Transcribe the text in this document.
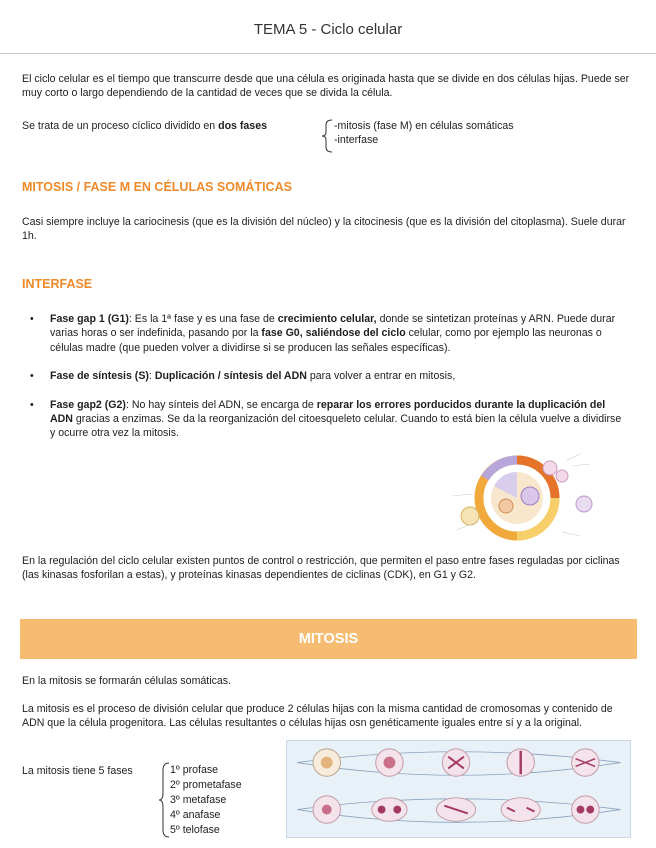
TEMA 5 - Ciclo celular

El ciclo celular es el tiempo que transcurre desde que una célula es originada hasta que se divide en dos células hijas. Puede ser muy corto o largo dependiendo de la cantidad de veces que se divida la célula.

Se trata de un proceso cíclico dividido en dos fases	-mitosis (fase M) en células somáticas
-interfase
MITOSIS / FASE M EN CÉLULAS SOMÁTICAS

Casi siempre incluye la cariocinesis (que es la división del núcleo) y la citocinesis (que es la división del citoplasma). Suele durar 1h.

INTERFASE
• Fase gap 1 (G1): Es la 1ª fase y es una fase de crecimiento celular, donde se sintetizan proteínas y ARN. Puede durar varias horas o ser indefinida, pasando por la fase G0, saliéndose del ciclo celular, como por ejemplo las neuronas o células madre (que pueden volver a dividirse si se producen las señales específicas).
• Fase de síntesis (S): Duplicación / síntesis del ADN para volver a entrar en mitosis,
• Fase gap2 (G2): No hay sínteis del ADN, se encarga de reparar los errores porducidos durante la duplicación del ADN gracias a enzimas. Se da la reorganización del citoesqueleto celular. Cuando to está bien la célula vuelve a dividirse y ocurre otra vez la mitosis.

En la regulación del ciclo celular existen puntos de control o restricción, que permiten el paso entre fases reguladas por ciclinas (las kinasas fosforilan a estas), y proteínas kinasas dependientes de ciclinas (CDK), en G1 y G2.

MITOSIS

En la mitosis se formarán células somáticas.

La mitosis es el proceso de división celular que produce 2 células hijas con la misma cantidad de cromosomas y contenido de ADN que la célula progenitora. Las células resultantes o células hijas osn genéticamente iguales entre sí y a la original.

La mitosis tiene 5 fases	1º profase
2º prometafase
3º metafase
4º anafase
5º telofase
